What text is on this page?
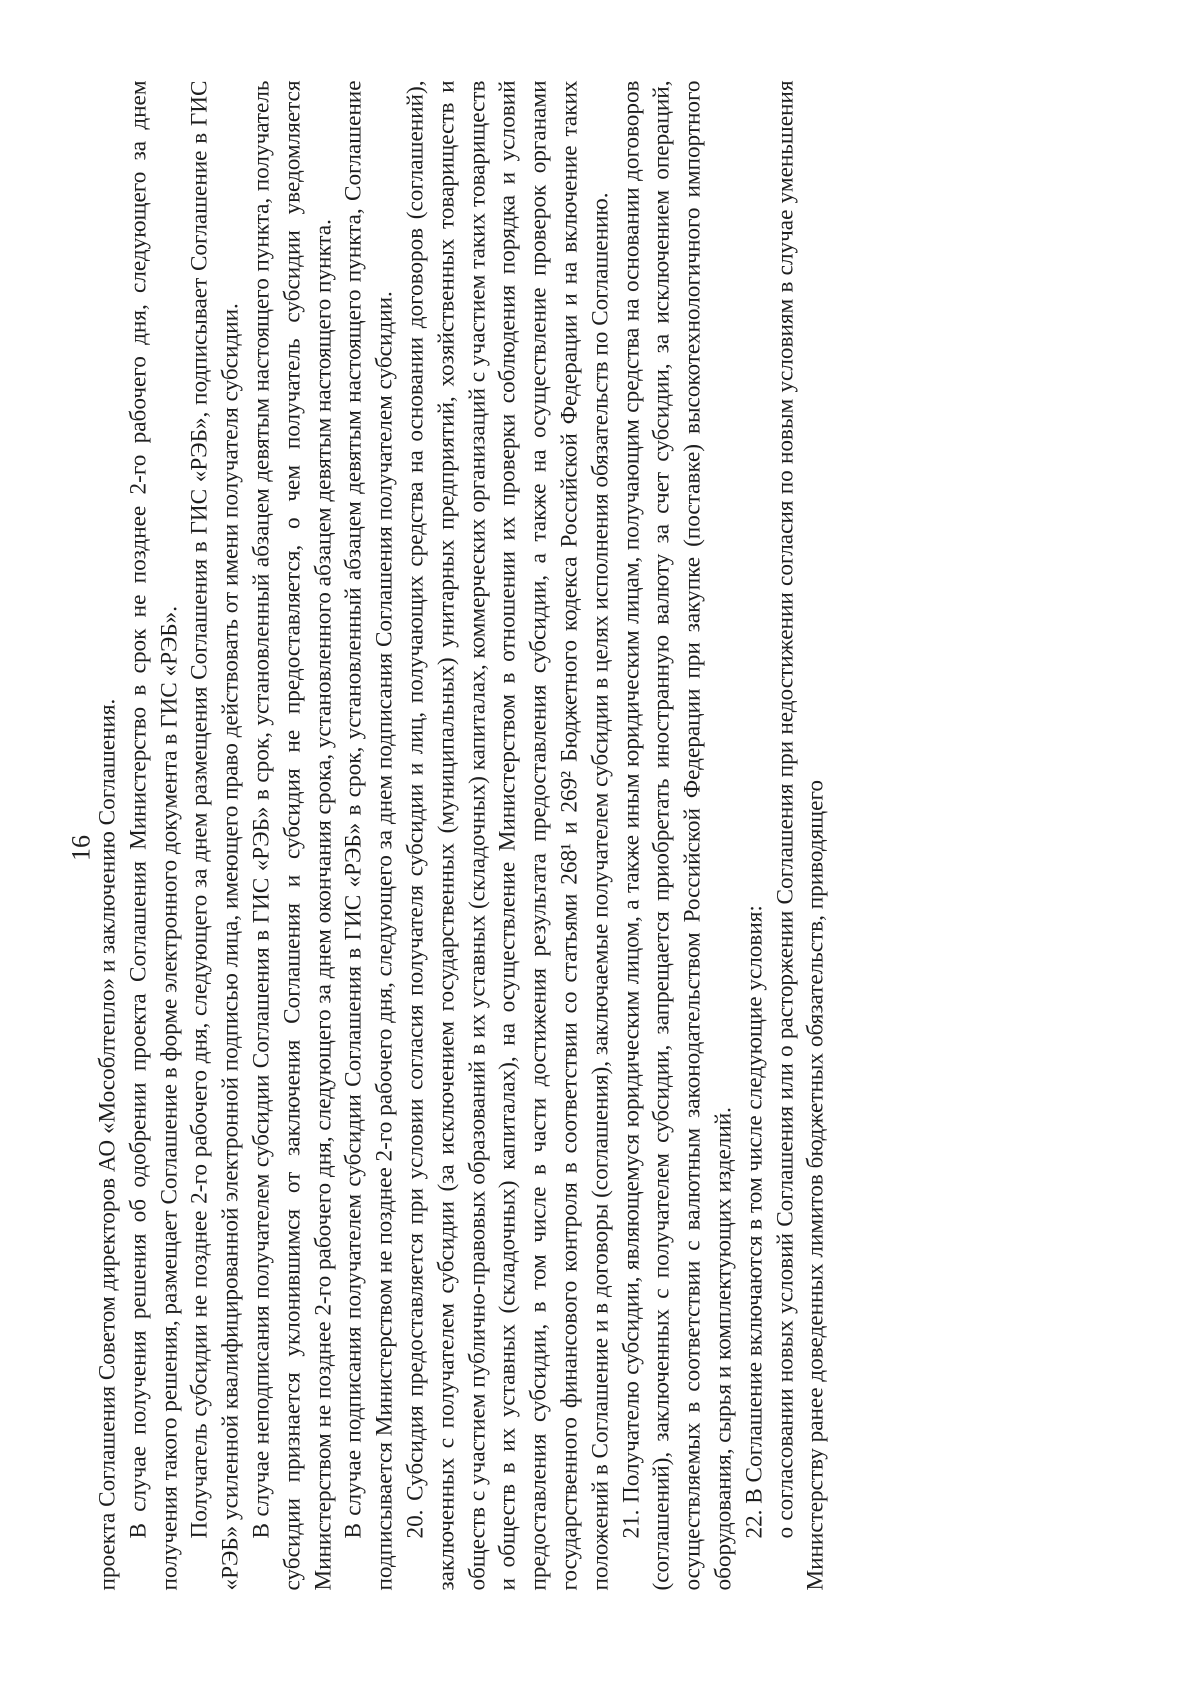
16 проекта Соглашения Советом директоров АО «Мособлтепло» и заключению Соглашения. В случае получения решения об одобрении проекта Соглашения Министерство в срок не позднее 2-го рабочего дня, следующего за днем получения такого решения, размещает Соглашение в форме электронного документа в ГИС «РЭБ». Получатель субсидии не позднее 2-го рабочего дня, следующего за днем размещения Соглашения в ГИС «РЭБ», подписывает Соглашение в ГИС «РЭБ» усиленной квалифицированной электронной подписью лица, имеющего право действовать от имени получателя субсидии. В случае неподписания получателем субсидии Соглашения в ГИС «РЭБ» в срок, установленный абзацем девятым настоящего пункта, получатель субсидии признается уклонившимся от заключения Соглашения и субсидия не предоставляется, о чем получатель субсидии уведомляется Министерством не позднее 2-го рабочего дня, следующего за днем окончания срока, установленного абзацем девятым настоящего пункта. В случае подписания получателем субсидии Соглашения в ГИС «РЭБ» в срок, установленный абзацем девятым настоящего пункта, Соглашение подписывается Министерством не позднее 2-го рабочего дня, следующего за днем подписания Соглашения получателем субсидии. 20. Субсидия предоставляется при условии согласия получателя субсидии и лиц, получающих средства на основании договоров (соглашений), заключенных с получателем субсидии (за исключением государственных (муниципальных) унитарных предприятий, хозяйственных товариществ и обществ с участием публично-правовых образований в их уставных (складочных) капиталах, коммерческих организаций с участием таких товариществ и обществ в их уставных (складочных) капиталах), на осуществление Министерством в отношении их проверки соблюдения порядка и условий предоставления субсидии, в том числе в части достижения результата предоставления субсидии, а также на осуществление проверок органами государственного финансового контроля в соответствии со статьями 268¹ и 269² Бюджетного кодекса Российской Федерации и на включение таких положений в Соглашение и в договоры (соглашения), заключаемые получателем субсидии в целях исполнения обязательств по Соглашению. 21. Получателю субсидии, являющемуся юридическим лицом, а также иным юридическим лицам, получающим средства на основании договоров (соглашений), заключенных с получателем субсидии, запрещается приобретать иностранную валюту за счет субсидии, за исключением операций, осуществляемых в соответствии с валютным законодательством Российской Федерации при закупке (поставке) высокотехнологичного импортного оборудования, сырья и комплектующих изделий. 22. В Соглашение включаются в том числе следующие условия: о согласовании новых условий Соглашения или о расторжении Соглашения при недостижении согласия по новым условиям в случае уменьшения Министерству ранее доведенных лимитов бюджетных обязательств, приводящего
